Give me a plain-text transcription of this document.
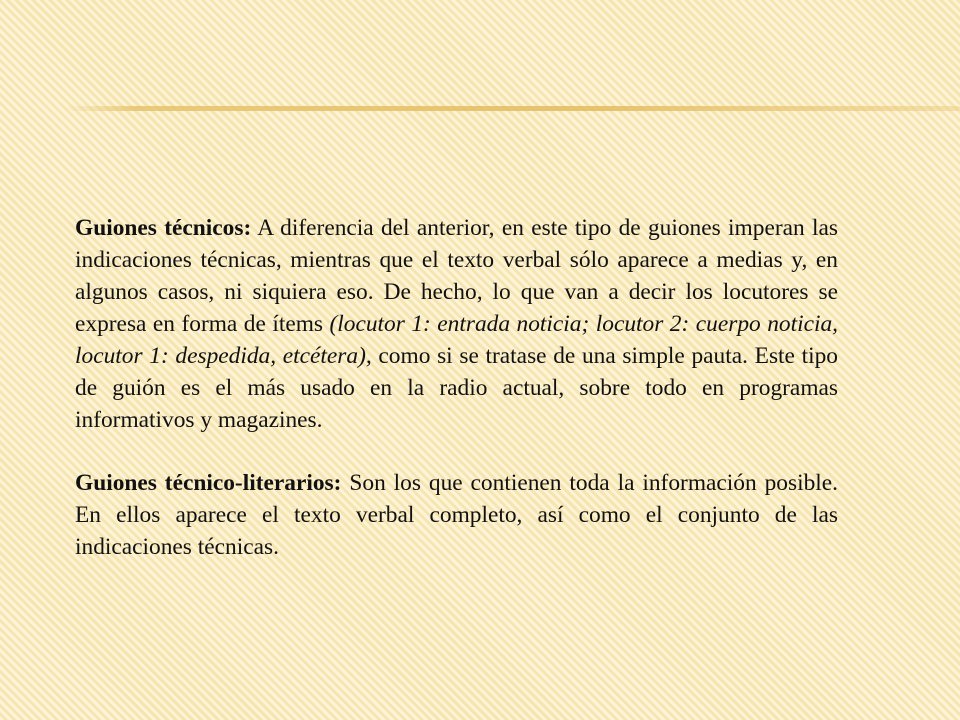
Guiones técnicos: A diferencia del anterior, en este tipo de guiones imperan las indicaciones técnicas, mientras que el texto verbal sólo aparece a medias y, en algunos casos, ni siquiera eso. De hecho, lo que van a decir los locutores se expresa en forma de ítems (locutor 1: entrada noticia; locutor 2: cuerpo noticia, locutor 1: despedida, etcétera), como si se tratase de una simple pauta. Este tipo de guión es el más usado en la radio actual, sobre todo en programas informativos y magazines.

Guiones técnico-literarios: Son los que contienen toda la información posible. En ellos aparece el texto verbal completo, así como el conjunto de las indicaciones técnicas.
